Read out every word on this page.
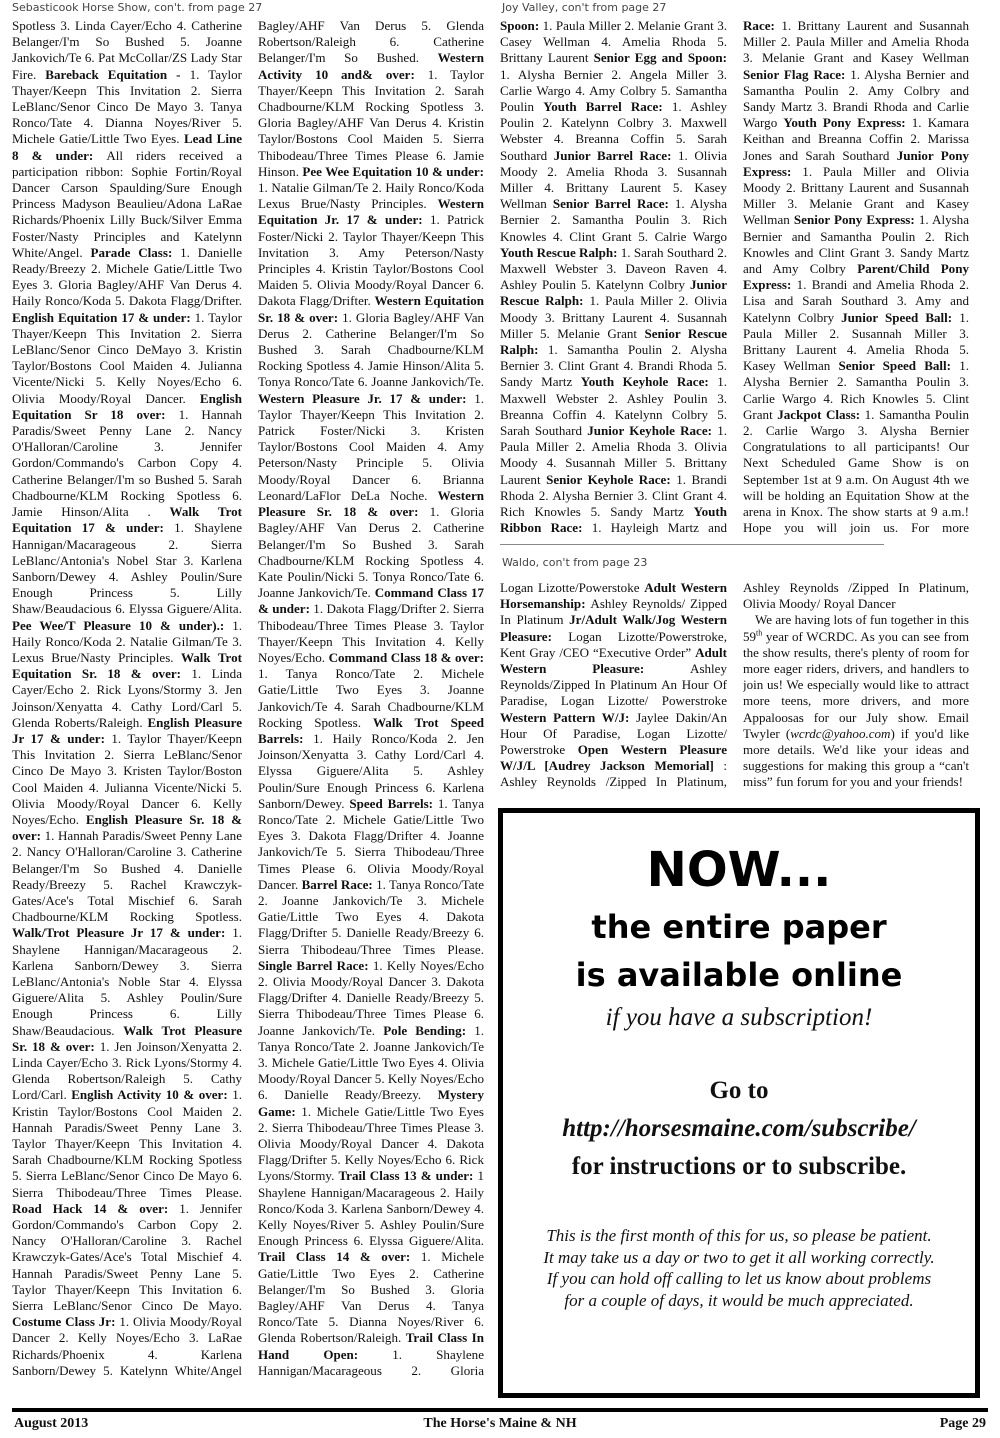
Sebasticook Horse Show, con't. from page 27	Joy Valley, con't from page 27

Spotless 3. Linda Cayer/Echo 4. Catherine Belanger/I'm So Bushed 5. Joanne Jankovich/Te 6. Pat McCollar/ZS Lady Star Fire. Bareback Equitation - 1. Taylor Thayer/Keepn This Invitation 2. Sierra LeBlanc/Senor Cinco De Mayo 3. Tanya Ronco/Tate 4. Dianna Noyes/River 5. Michele Gatie/Little Two Eyes. Lead Line 8 & under: All riders received a participation ribbon: Sophie Fortin/Royal Dancer Carson Spaulding/Sure Enough Princess Madyson Beaulieu/Adona LaRae Richards/Phoenix Lilly Buck/Silver Emma Foster/Nasty Principles and Katelynn White/Angel. Parade Class: 1. Danielle Ready/Breezy 2. Michele Gatie/Little Two Eyes 3. Gloria Bagley/AHF Van Derus 4. Haily Ronco/Koda 5. Dakota Flagg/Drifter. English Equitation 17 & under: 1. Taylor Thayer/Keepn This Invitation 2. Sierra LeBlanc/Senor Cinco DeMayo 3. Kristin Taylor/Bostons Cool Maiden 4. Julianna Vicente/Nicki 5. Kelly Noyes/Echo 6. Olivia Moody/Royal Dancer. English Equitation Sr 18 over: 1. Hannah Paradis/Sweet Penny Lane 2. Nancy O'Halloran/Caroline 3. Jennifer Gordon/Commando's Carbon Copy 4. Catherine Belanger/I'm so Bushed 5. Sarah Chadbourne/KLM Rocking Spotless 6. Jamie Hinson/Alita . Walk Trot Equitation 17 & under: 1. Shaylene Hannigan/Macarageous 2. Sierra LeBlanc/Antonia's Nobel Star 3. Karlena Sanborn/Dewey 4. Ashley Poulin/Sure Enough Princess 5. Lilly Shaw/Beaudacious 6. Elyssa Giguere/Alita. Pee Wee/T Pleasure 10 & under).: 1. Haily Ronco/Koda 2. Natalie Gilman/Te 3. Lexus Brue/Nasty Principles. Walk Trot Equitation Sr. 18 & over: 1. Linda Cayer/Echo 2. Rick Lyons/Stormy 3. Jen Joinson/Xenyatta 4. Cathy Lord/Carl 5. Glenda Roberts/Raleigh. English Pleasure Jr 17 & under: 1. Taylor Thayer/Keepn This Invitation 2. Sierra LeBlanc/Senor Cinco De Mayo 3. Kristen Taylor/Boston Cool Maiden 4. Julianna Vicente/Nicki 5. Olivia Moody/Royal Dancer 6. Kelly Noyes/Echo. English Pleasure Sr. 18 & over: 1. Hannah Paradis/Sweet Penny Lane 2. Nancy O'Halloran/Caroline 3. Catherine Belanger/I'm So Bushed 4. Danielle Ready/Breezy 5. Rachel Krawczyk-Gates/Ace's Total Mischief 6. Sarah Chadbourne/KLM Rocking Spotless. Walk/Trot Pleasure Jr 17 & under: 1. Shaylene Hannigan/Macarageous 2. Karlena Sanborn/Dewey 3. Sierra LeBlanc/Antonia's Noble Star 4. Elyssa Giguere/Alita 5. Ashley Poulin/Sure Enough Princess 6. Lilly Shaw/Beaudacious. Walk Trot Pleasure Sr. 18 & over: 1. Jen Joinson/Xenyatta 2. Linda Cayer/Echo 3. Rick Lyons/Stormy 4. Glenda Robertson/Raleigh 5. Cathy Lord/Carl. English Activity 10 & over: 1. Kristin Taylor/Bostons Cool Maiden 2. Hannah Paradis/Sweet Penny Lane 3. Taylor Thayer/Keepn This Invitation 4. Sarah Chadbourne/KLM Rocking Spotless 5. Sierra LeBlanc/Senor Cinco De Mayo 6. Sierra Thibodeau/Three Times Please. Road Hack 14 & over: 1. Jennifer Gordon/Commando's Carbon Copy 2. Nancy O'Halloran/Caroline 3. Rachel Krawczyk-Gates/Ace's Total Mischief 4. Hannah Paradis/Sweet Penny Lane 5. Taylor Thayer/Keepn This Invitation 6. Sierra LeBlanc/Senor Cinco De Mayo. Costume Class Jr: 1. Olivia Moody/Royal Dancer 2. Kelly Noyes/Echo 3. LaRae Richards/Phoenix 4. Karlena Sanborn/Dewey 5. Katelynn White/Angel

Bagley/AHF Van Derus 5. Glenda Robertson/Raleigh 6. Catherine Belanger/I'm So Bushed. Western Activity 10 and& over: 1. Taylor Thayer/Keepn This Invitation 2. Sarah Chadbourne/KLM Rocking Spotless 3. Gloria Bagley/AHF Van Derus 4. Kristin Taylor/Bostons Cool Maiden 5. Sierra Thibodeau/Three Times Please 6. Jamie Hinson. Pee Wee Equitation 10 & under: 1. Natalie Gilman/Te 2. Haily Ronco/Koda Lexus Brue/Nasty Principles. Western Equitation Jr. 17 & under: 1. Patrick Foster/Nicki 2. Taylor Thayer/Keepn This Invitation 3. Amy Peterson/Nasty Principles 4. Kristin Taylor/Bostons Cool Maiden 5. Olivia Moody/Royal Dancer 6. Dakota Flagg/Drifter. Western Equitation Sr. 18 & over: 1. Gloria Bagley/AHF Van Derus 2. Catherine Belanger/I'm So Bushed 3. Sarah Chadbourne/KLM Rocking Spotless 4. Jamie Hinson/Alita 5. Tonya Ronco/Tate 6. Joanne Jankovich/Te. Western Pleasure Jr. 17 & under: 1. Taylor Thayer/Keepn This Invitation 2. Patrick Foster/Nicki 3. Kristen Taylor/Bostons Cool Maiden 4. Amy Peterson/Nasty Principle 5. Olivia Moody/Royal Dancer 6. Brianna Leonard/LaFlor DeLa Noche. Western Pleasure Sr. 18 & over: 1. Gloria Bagley/AHF Van Derus 2. Catherine Belanger/I'm So Bushed 3. Sarah Chadbourne/KLM Rocking Spotless 4. Kate Poulin/Nicki 5. Tonya Ronco/Tate 6. Joanne Jankovich/Te. Command Class 17 & under: 1. Dakota Flagg/Drifter 2. Sierra Thibodeau/Three Times Please 3. Taylor Thayer/Keepn This Invitation 4. Kelly Noyes/Echo. Command Class 18 & over: 1. Tanya Ronco/Tate 2. Michele Gatie/Little Two Eyes 3. Joanne Jankovich/Te 4. Sarah Chadbourne/KLM Rocking Spotless. Walk Trot Speed Barrels: 1. Haily Ronco/Koda 2. Jen Joinson/Xenyatta 3. Cathy Lord/Carl 4. Elyssa Giguere/Alita 5. Ashley Poulin/Sure Enough Princess 6. Karlena Sanborn/Dewey. Speed Barrels: 1. Tanya Ronco/Tate 2. Michele Gatie/Little Two Eyes 3. Dakota Flagg/Drifter 4. Joanne Jankovich/Te 5. Sierra Thibodeau/Three Times Please 6. Olivia Moody/Royal Dancer. Barrel Race: 1. Tanya Ronco/Tate 2. Joanne Jankovich/Te 3. Michele Gatie/Little Two Eyes 4. Dakota Flagg/Drifter 5. Danielle Ready/Breezy 6. Sierra Thibodeau/Three Times Please. Single Barrel Race: 1. Kelly Noyes/Echo 2. Olivia Moody/Royal Dancer 3. Dakota Flagg/Drifter 4. Danielle Ready/Breezy 5. Sierra Thibodeau/Three Times Please 6. Joanne Jankovich/Te. Pole Bending: 1. Tanya Ronco/Tate 2. Joanne Jankovich/Te 3. Michele Gatie/Little Two Eyes 4. Olivia Moody/Royal Dancer 5. Kelly Noyes/Echo 6. Danielle Ready/Breezy. Mystery Game: 1. Michele Gatie/Little Two Eyes 2. Sierra Thibodeau/Three Times Please 3. Olivia Moody/Royal Dancer 4. Dakota Flagg/Drifter 5. Kelly Noyes/Echo 6. Rick Lyons/Stormy. Trail Class 13 & under: 1 Shaylene Hannigan/Macarageous 2. Haily Ronco/Koda 3. Karlena Sanborn/Dewey 4. Kelly Noyes/River 5. Ashley Poulin/Sure Enough Princess 6. Elyssa Giguere/Alita. Trail Class 14 & over: 1. Michele Gatie/Little Two Eyes 2. Catherine Belanger/I'm So Bushed 3. Gloria Bagley/AHF Van Derus 4. Tanya Ronco/Tate 5. Dianna Noyes/River 6. Glenda Robertson/Raleigh. Trail Class In Hand Open: 1. Shaylene Hannigan/Macarageous 2. Gloria

Spoon: 1. Paula Miller 2. Melanie Grant 3. Casey Wellman 4. Amelia Rhoda 5. Brittany Laurent Senior Egg and Spoon: 1. Alysha Bernier 2. Angela Miller 3. Carlie Wargo 4. Amy Colbry 5. Samantha Poulin Youth Barrel Race: 1. Ashley Poulin 2. Katelynn Colbry 3. Maxwell Webster 4. Breanna Coffin 5. Sarah Southard Junior Barrel Race: 1. Olivia Moody 2. Amelia Rhoda 3. Susannah Miller 4. Brittany Laurent 5. Kasey Wellman Senior Barrel Race: 1. Alysha Bernier 2. Samantha Poulin 3. Rich Knowles 4. Clint Grant 5. Calrie Wargo Youth Rescue Ralph: 1. Sarah Southard 2. Maxwell Webster 3. Daveon Raven 4. Ashley Poulin 5. Katelynn Colbry Junior Rescue Ralph: 1. Paula Miller 2. Olivia Moody 3. Brittany Laurent 4. Susannah Miller 5. Melanie Grant Senior Rescue Ralph: 1. Samantha Poulin 2. Alysha Bernier 3. Clint Grant 4. Brandi Rhoda 5. Sandy Martz Youth Keyhole Race: 1. Maxwell Webster 2. Ashley Poulin 3. Breanna Coffin 4. Katelynn Colbry 5. Sarah Southard Junior Keyhole Race: 1. Paula Miller 2. Amelia Rhoda 3. Olivia Moody 4. Susannah Miller 5. Brittany Laurent Senior Keyhole Race: 1. Brandi Rhoda 2. Alysha Bernier 3. Clint Grant 4. Rich Knowles 5. Sandy Martz Youth Ribbon Race: 1. Hayleigh Martz and

Race: 1. Brittany Laurent and Susannah Miller 2. Paula Miller and Amelia Rhoda 3. Melanie Grant and Kasey Wellman Senior Flag Race: 1. Alysha Bernier and Samantha Poulin 2. Amy Colbry and Sandy Martz 3. Brandi Rhoda and Carlie Wargo Youth Pony Express: 1. Kamara Keithan and Breanna Coffin 2. Marissa Jones and Sarah Southard Junior Pony Express: 1. Paula Miller and Olivia Moody 2. Brittany Laurent and Susannah Miller 3. Melanie Grant and Kasey Wellman Senior Pony Express: 1. Alysha Bernier and Samantha Poulin 2. Rich Knowles and Clint Grant 3. Sandy Martz and Amy Colbry Parent/Child Pony Express: 1. Brandi and Amelia Rhoda 2. Lisa and Sarah Southard 3. Amy and Katelynn Colbry Junior Speed Ball: 1. Paula Miller 2. Susannah Miller 3. Brittany Laurent 4. Amelia Rhoda 5. Kasey Wellman Senior Speed Ball: 1. Alysha Bernier 2. Samantha Poulin 3. Carlie Wargo 4. Rich Knowles 5. Clint Grant Jackpot Class: 1. Samantha Poulin 2. Carlie Wargo 3. Alysha Bernier Congratulations to all participants! Our Next Scheduled Game Show is on September 1st at 9 a.m. On August 4th we will be holding an Equitation Show at the arena in Knox. The show starts at 9 a.m.! Hope you will join us. For more

Waldo, con't from page 23

Logan Lizotte/Powerstoke Adult Western Horsemanship: Ashley Reynolds/ Zipped In Platinum Jr/Adult Walk/Jog Western Pleasure: Logan Lizotte/Powerstroke, Kent Gray /CEO “Executive Order” Adult Western Pleasure: Ashley Reynolds/Zipped In Platinum An Hour Of Paradise, Logan Lizotte/ Powerstroke Western Pattern W/J: Jaylee Dakin/An Hour Of Paradise, Logan Lizotte/ Powerstroke Open Western Pleasure W/J/L [Audrey Jackson Memorial] : Ashley Reynolds /Zipped In Platinum,

Ashley Reynolds /Zipped In Platinum, Olivia Moody/ Royal Dancer

We are having lots of fun together in this 59th year of WCRDC. As you can see from the show results, there's plenty of room for more eager riders, drivers, and handlers to join us! We especially would like to attract more teens, more drivers, and more Appaloosas for our July show. Email Twyler (wcrdc@yahoo.com) if you'd like more details. We'd like your ideas and suggestions for making this group a “can't miss” fun forum for you and your friends!

NOW...
the entire paper
is available online
if you have a subscription!
Go to
http://horsesmaine.com/subscribe/
for instructions or to subscribe.
This is the first month of this for us, so please be patient.
It may take us a day or two to get it all working correctly.
If you can hold off calling to let us know about problems
for a couple of days, it would be much appreciated.
August 2013	The Horse's Maine & NH	Page 29
